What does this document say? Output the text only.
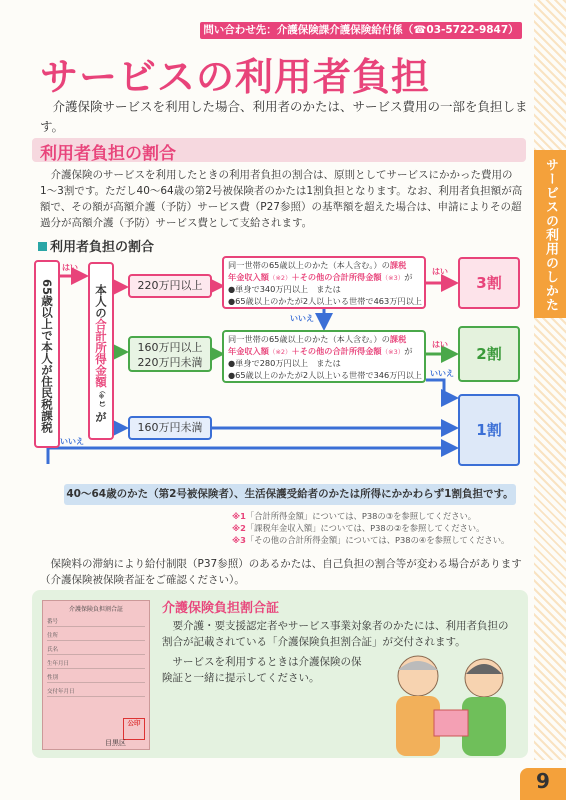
サービスの利用のしかた
問い合わせ先：介護保険課介護保険給付係（☎03-5722-9847）
サービスの利用者負担
介護保険サービスを利用した場合、利用者のかたは、サービス費用の一部を負担します。
利用者負担の割合
介護保険のサービスを利用したときの利用者負担の割合は、原則としてサービスにかかった費用の1〜3割です。ただし40〜64歳の第2号被保険者のかたは1割負担となります。なお、利用者負担額が高額で、その額が高額介護（予防）サービス費（P27参照）の基準額を超えた場合は、申請によりその超過分が高額介護（予防）サービス費として支給されます。
利用者負担の割合
65歳以上で本人が住民税課税
はい
いいえ
本人の合計所得金額（※1）が
220万円以上
160万円以上
220万円未満
160万円未満
同一世帯の65歳以上のかた（本人含む。）の課税
年金収入額（※2）＋その他の合計所得金額（※3）が
●単身で340万円以上　または
●65歳以上のかたが2人以上いる世帯で463万円以上
はい
いいえ
同一世帯の65歳以上のかた（本人含む。）の課税
年金収入額（※2）＋その他の合計所得金額（※3）が
●単身で280万円以上　または
●65歳以上のかたが2人以上いる世帯で346万円以上
はい
いいえ
3割
2割
1割
40〜64歳のかた（第2号被保険者）、生活保護受給者のかたは所得にかかわらず1割負担です。
※1「合計所得金額」については、P38の③を参照してください。
※2「課税年金収入額」については、P38の②を参照してください。
※3「その他の合計所得金額」については、P38の④を参照してください。
保険料の滞納により給付制限（P37参照）のあるかたは、自己負担の割合等が変わる場合があります（介護保険被保険者証をご確認ください）。
介護保険負担割合証
番号
住所
氏名
生年月日
性別
交付年月日
公印
目黒区
介護保険負担割合証
要介護・要支援認定者やサービス事業対象者のかたには、利用者負担の割合が記載されている「介護保険負担割合証」が交付されます。
サービスを利用するときは介護保険の保険証と一緒に提示してください。
9
